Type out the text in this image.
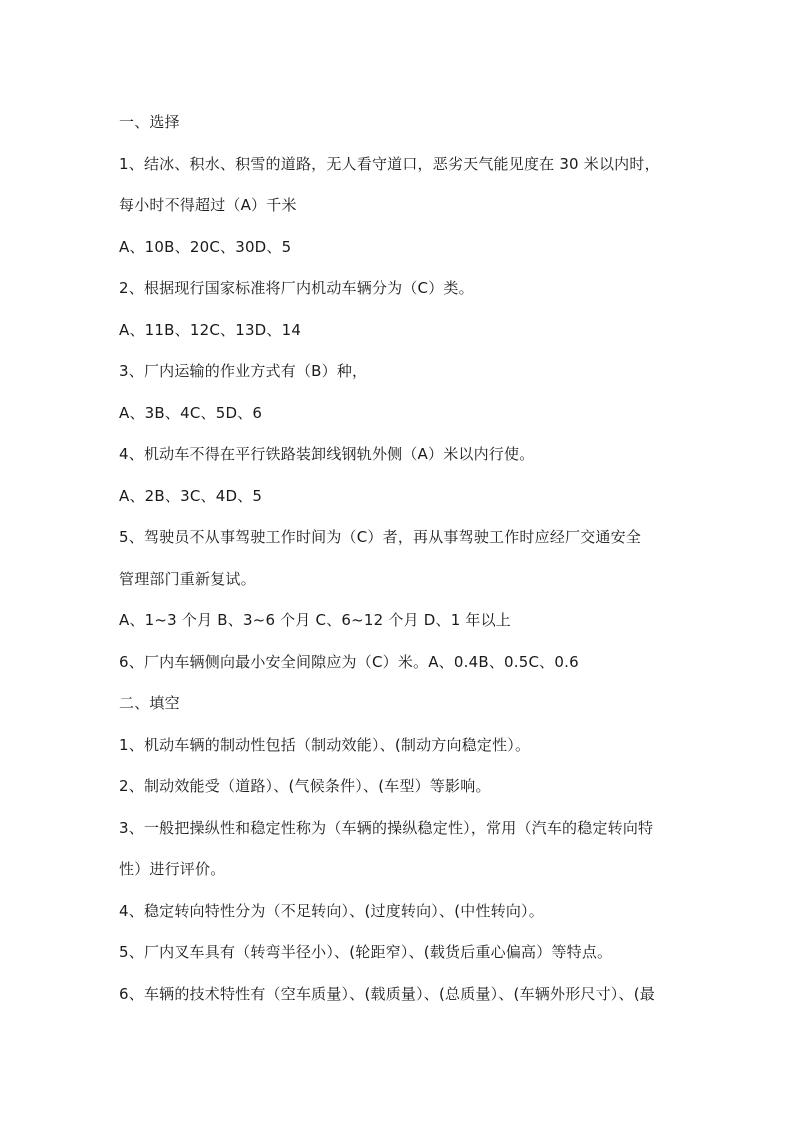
一、选择
1、结冰、积水、积雪的道路，无人看守道口，恶劣天气能见度在 30 米以内时，
每小时不得超过（A）千米
A、10B、20C、30D、5
2、根据现行国家标准将厂内机动车辆分为（C）类。
A、11B、12C、13D、14
3、厂内运输的作业方式有（B）种，
A、3B、4C、5D、6
4、机动车不得在平行铁路装卸线钢轨外侧（A）米以内行使。
A、2B、3C、4D、5
5、驾驶员不从事驾驶工作时间为（C）者，再从事驾驶工作时应经厂交通安全
管理部门重新复试。
A、1~3 个月 B、3~6 个月 C、6~12 个月 D、1 年以上
6、厂内车辆侧向最小安全间隙应为（C）米。A、0.4B、0.5C、0.6
二、填空
1、机动车辆的制动性包括（制动效能）、(制动方向稳定性）。
2、制动效能受（道路）、(气候条件）、(车型）等影响。
3、一般把操纵性和稳定性称为（车辆的操纵稳定性），常用（汽车的稳定转向特
性）进行评价。
4、稳定转向特性分为（不足转向）、(过度转向）、(中性转向）。
5、厂内叉车具有（转弯半径小）、(轮距窄）、(载货后重心偏高）等特点。
6、车辆的技术特性有（空车质量）、(载质量）、(总质量）、(车辆外形尺寸）、(最
